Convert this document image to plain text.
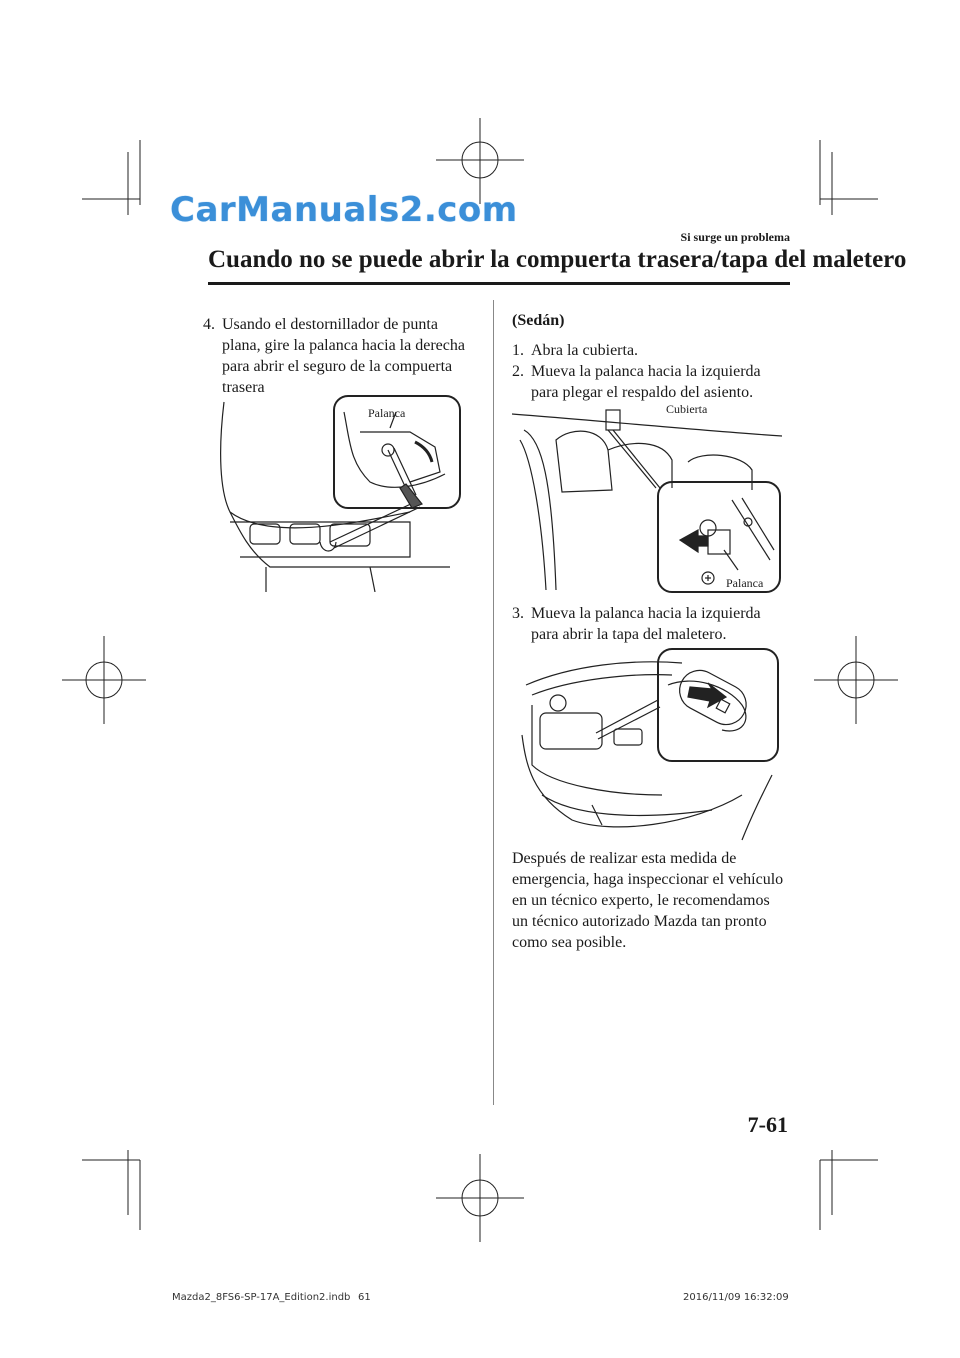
CarManuals2.com
Si surge un problema
Cuando no se puede abrir la compuerta trasera/tapa del maletero
4. Usando el destornillador de punta
plana, gire la palanca hacia la derecha
para abrir el seguro de la compuerta
trasera
Palanca
(Sedán)
1. Abra la cubierta.
2. Mueva la palanca hacia la izquierda
para plegar el respaldo del asiento.
Cubierta
Palanca
3. Mueva la palanca hacia la izquierda
para abrir la tapa del maletero.
Después de realizar esta medida de
emergencia, haga inspeccionar el vehículo
en un técnico experto, le recomendamos
un técnico autorizado Mazda tan pronto
como sea posible.
7-61
Mazda2_8FS6-SP-17A_Edition2.indb 61	2016/11/09 16:32:09
